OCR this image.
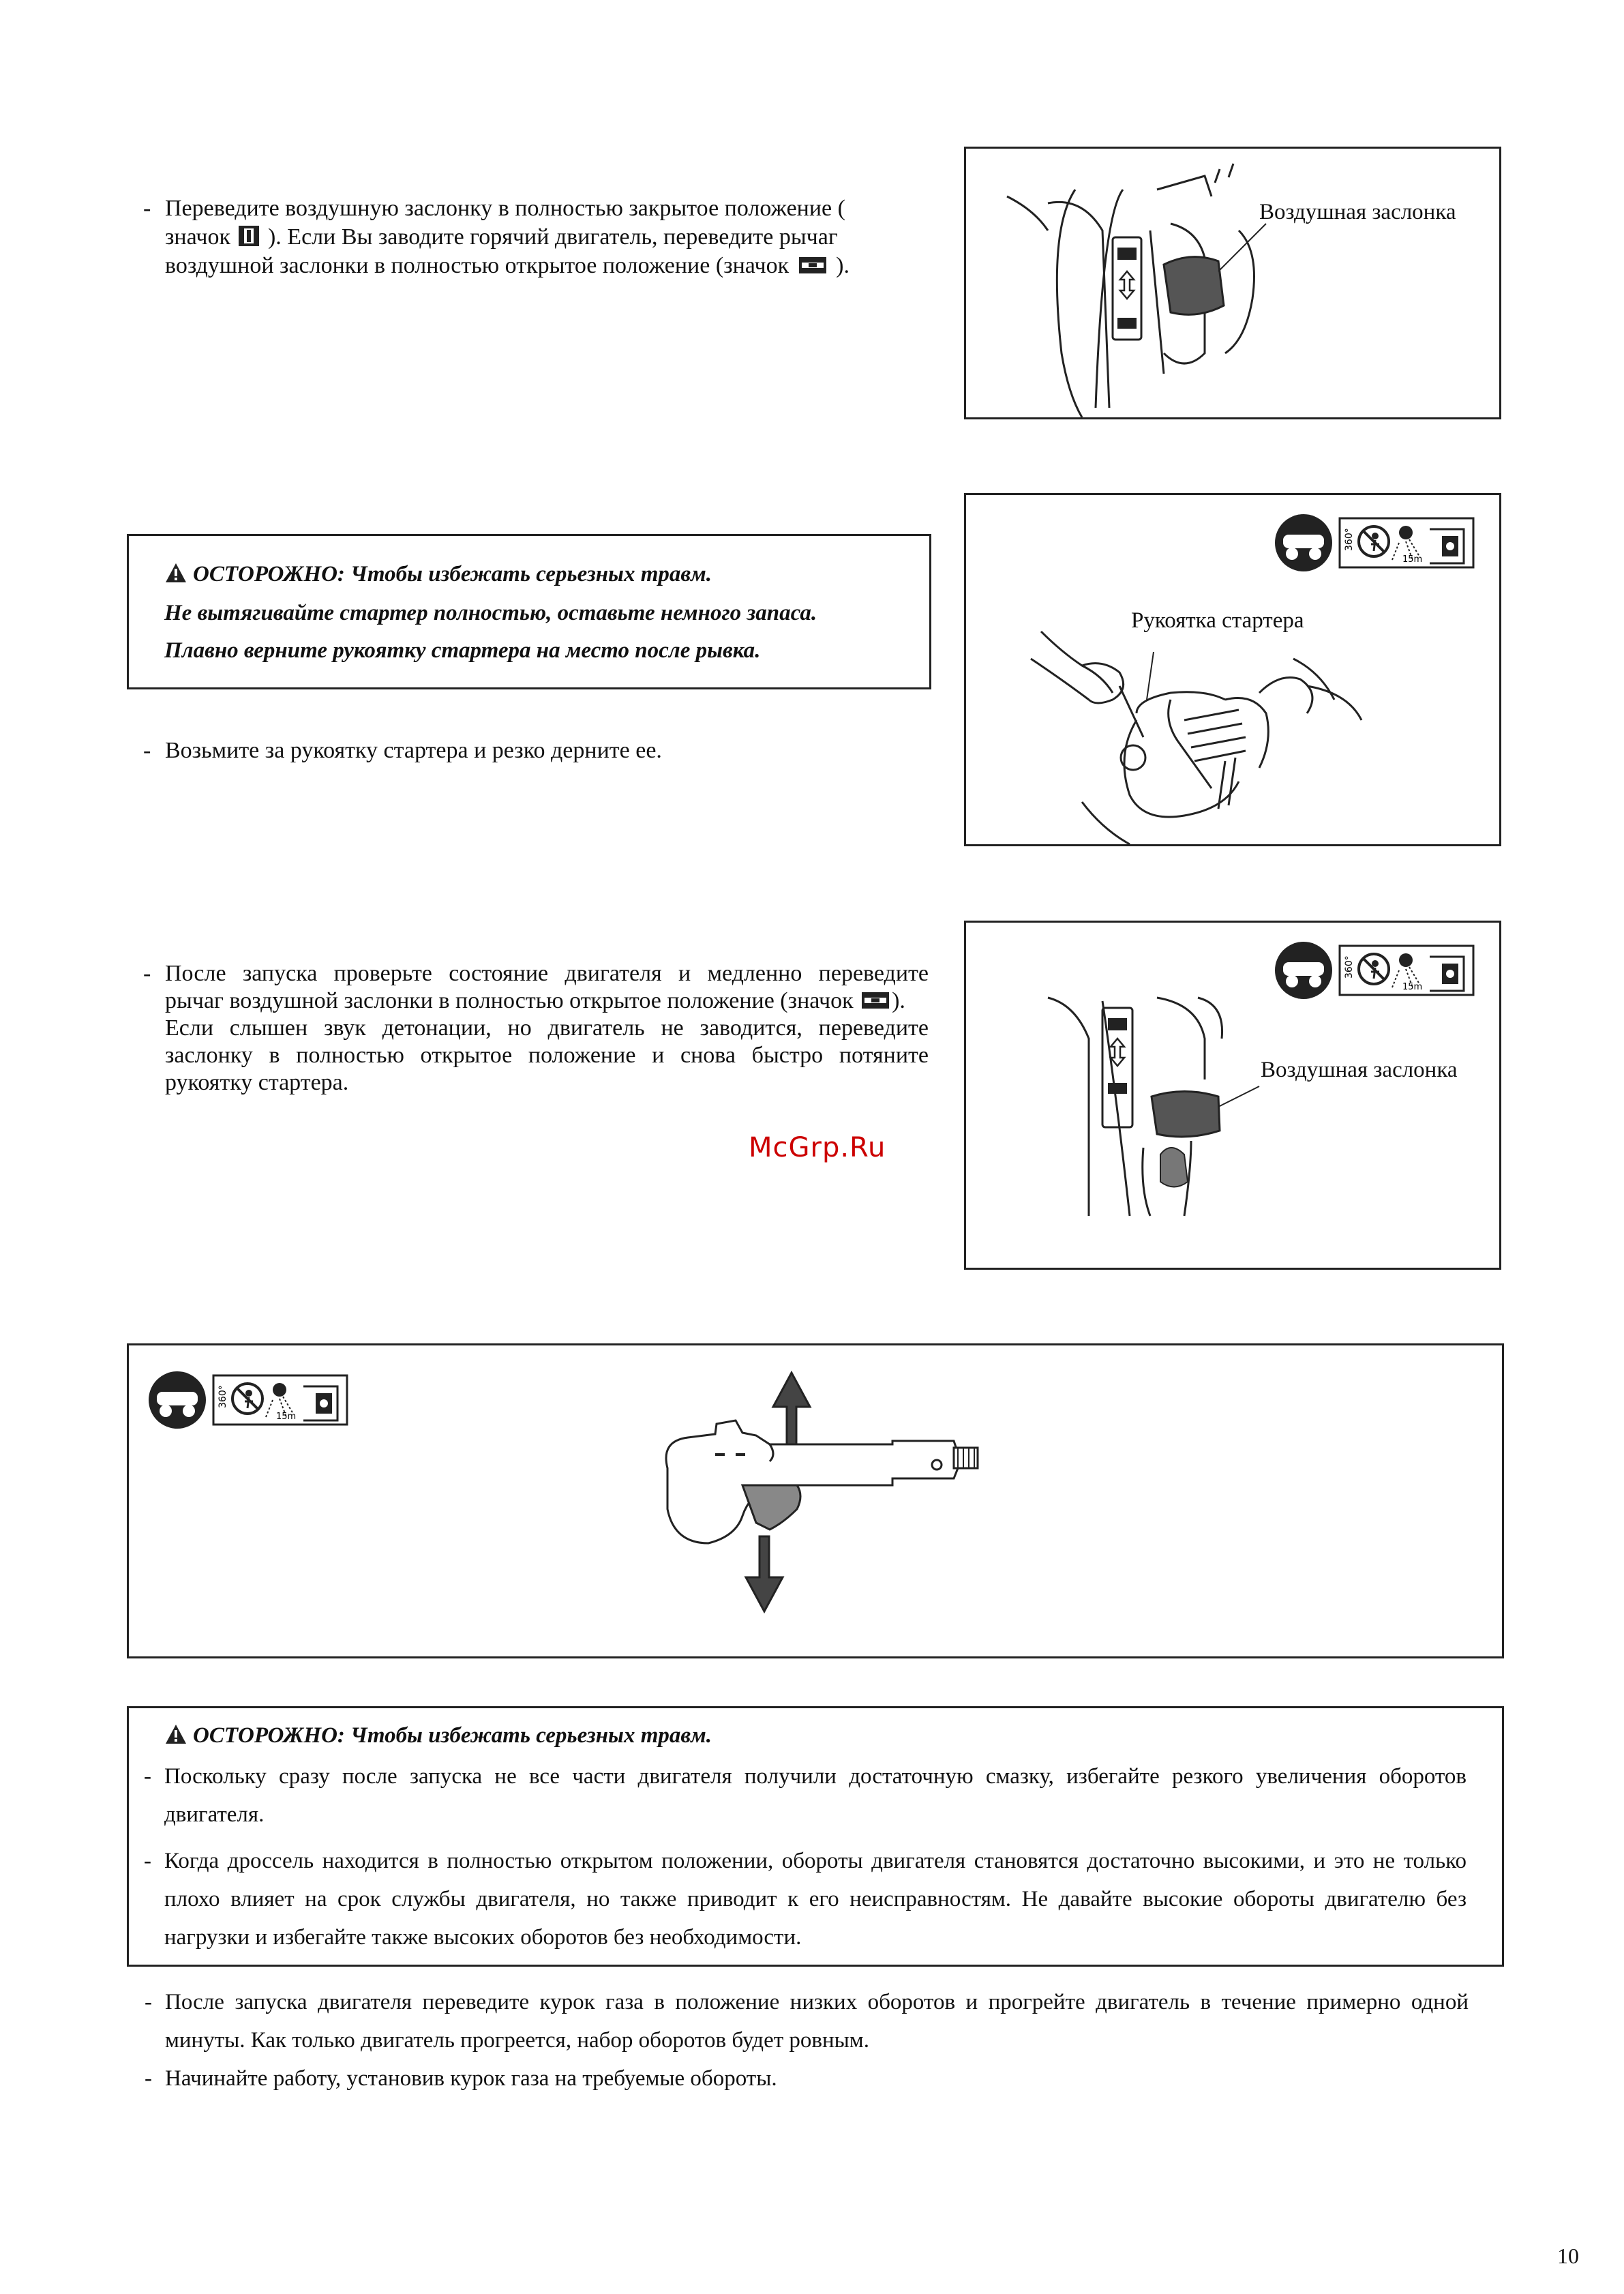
- Переведите воздушную заслонку в полностью закрытое положение (
значок ). Если Вы заводите горячий двигатель, переведите рычаг
воздушной заслонки в полностью открытое положение (значок ).
Воздушная заслонка
ОСТОРОЖНО: Чтобы избежать серьезных травм.
Не вытягивайте стартер полностью, оставьте немного запаса.
Плавно верните рукоятку стартера на место после рывка.
- Возьмите за рукоятку стартера и резко дерните ее.
360°
15m
Рукоятка стартера
- После запуска проверьте состояние двигателя и медленно переведите
рычаг воздушной заслонки в полностью открытое положение (значок ).
Если слышен звук детонации, но двигатель не заводится, переведите
заслонку в полностью открытое положение и снова быстро потяните
рукоятку стартера.
360°
15m
Воздушная заслонка
McGrp.Ru
360°
15m
ОСТОРОЖНО: Чтобы избежать серьезных травм.
- Поскольку сразу после запуска не все части двигателя получили достаточную смазку, избегайте резкого увеличения оборотов двигателя.
- Когда дроссель находится в полностью открытом положении, обороты двигателя становятся достаточно высокими, и это не только плохо влияет на срок службы двигателя, но также приводит к его неисправностям. Не давайте высокие обороты двигателю без нагрузки и избегайте также высоких оборотов без необходимости.
- После запуска двигателя переведите курок газа в положение низких оборотов и прогрейте двигатель в течение примерно одной минуты. Как только двигатель прогреется, набор оборотов будет ровным.
- Начинайте работу, установив курок газа на требуемые обороты.
10
